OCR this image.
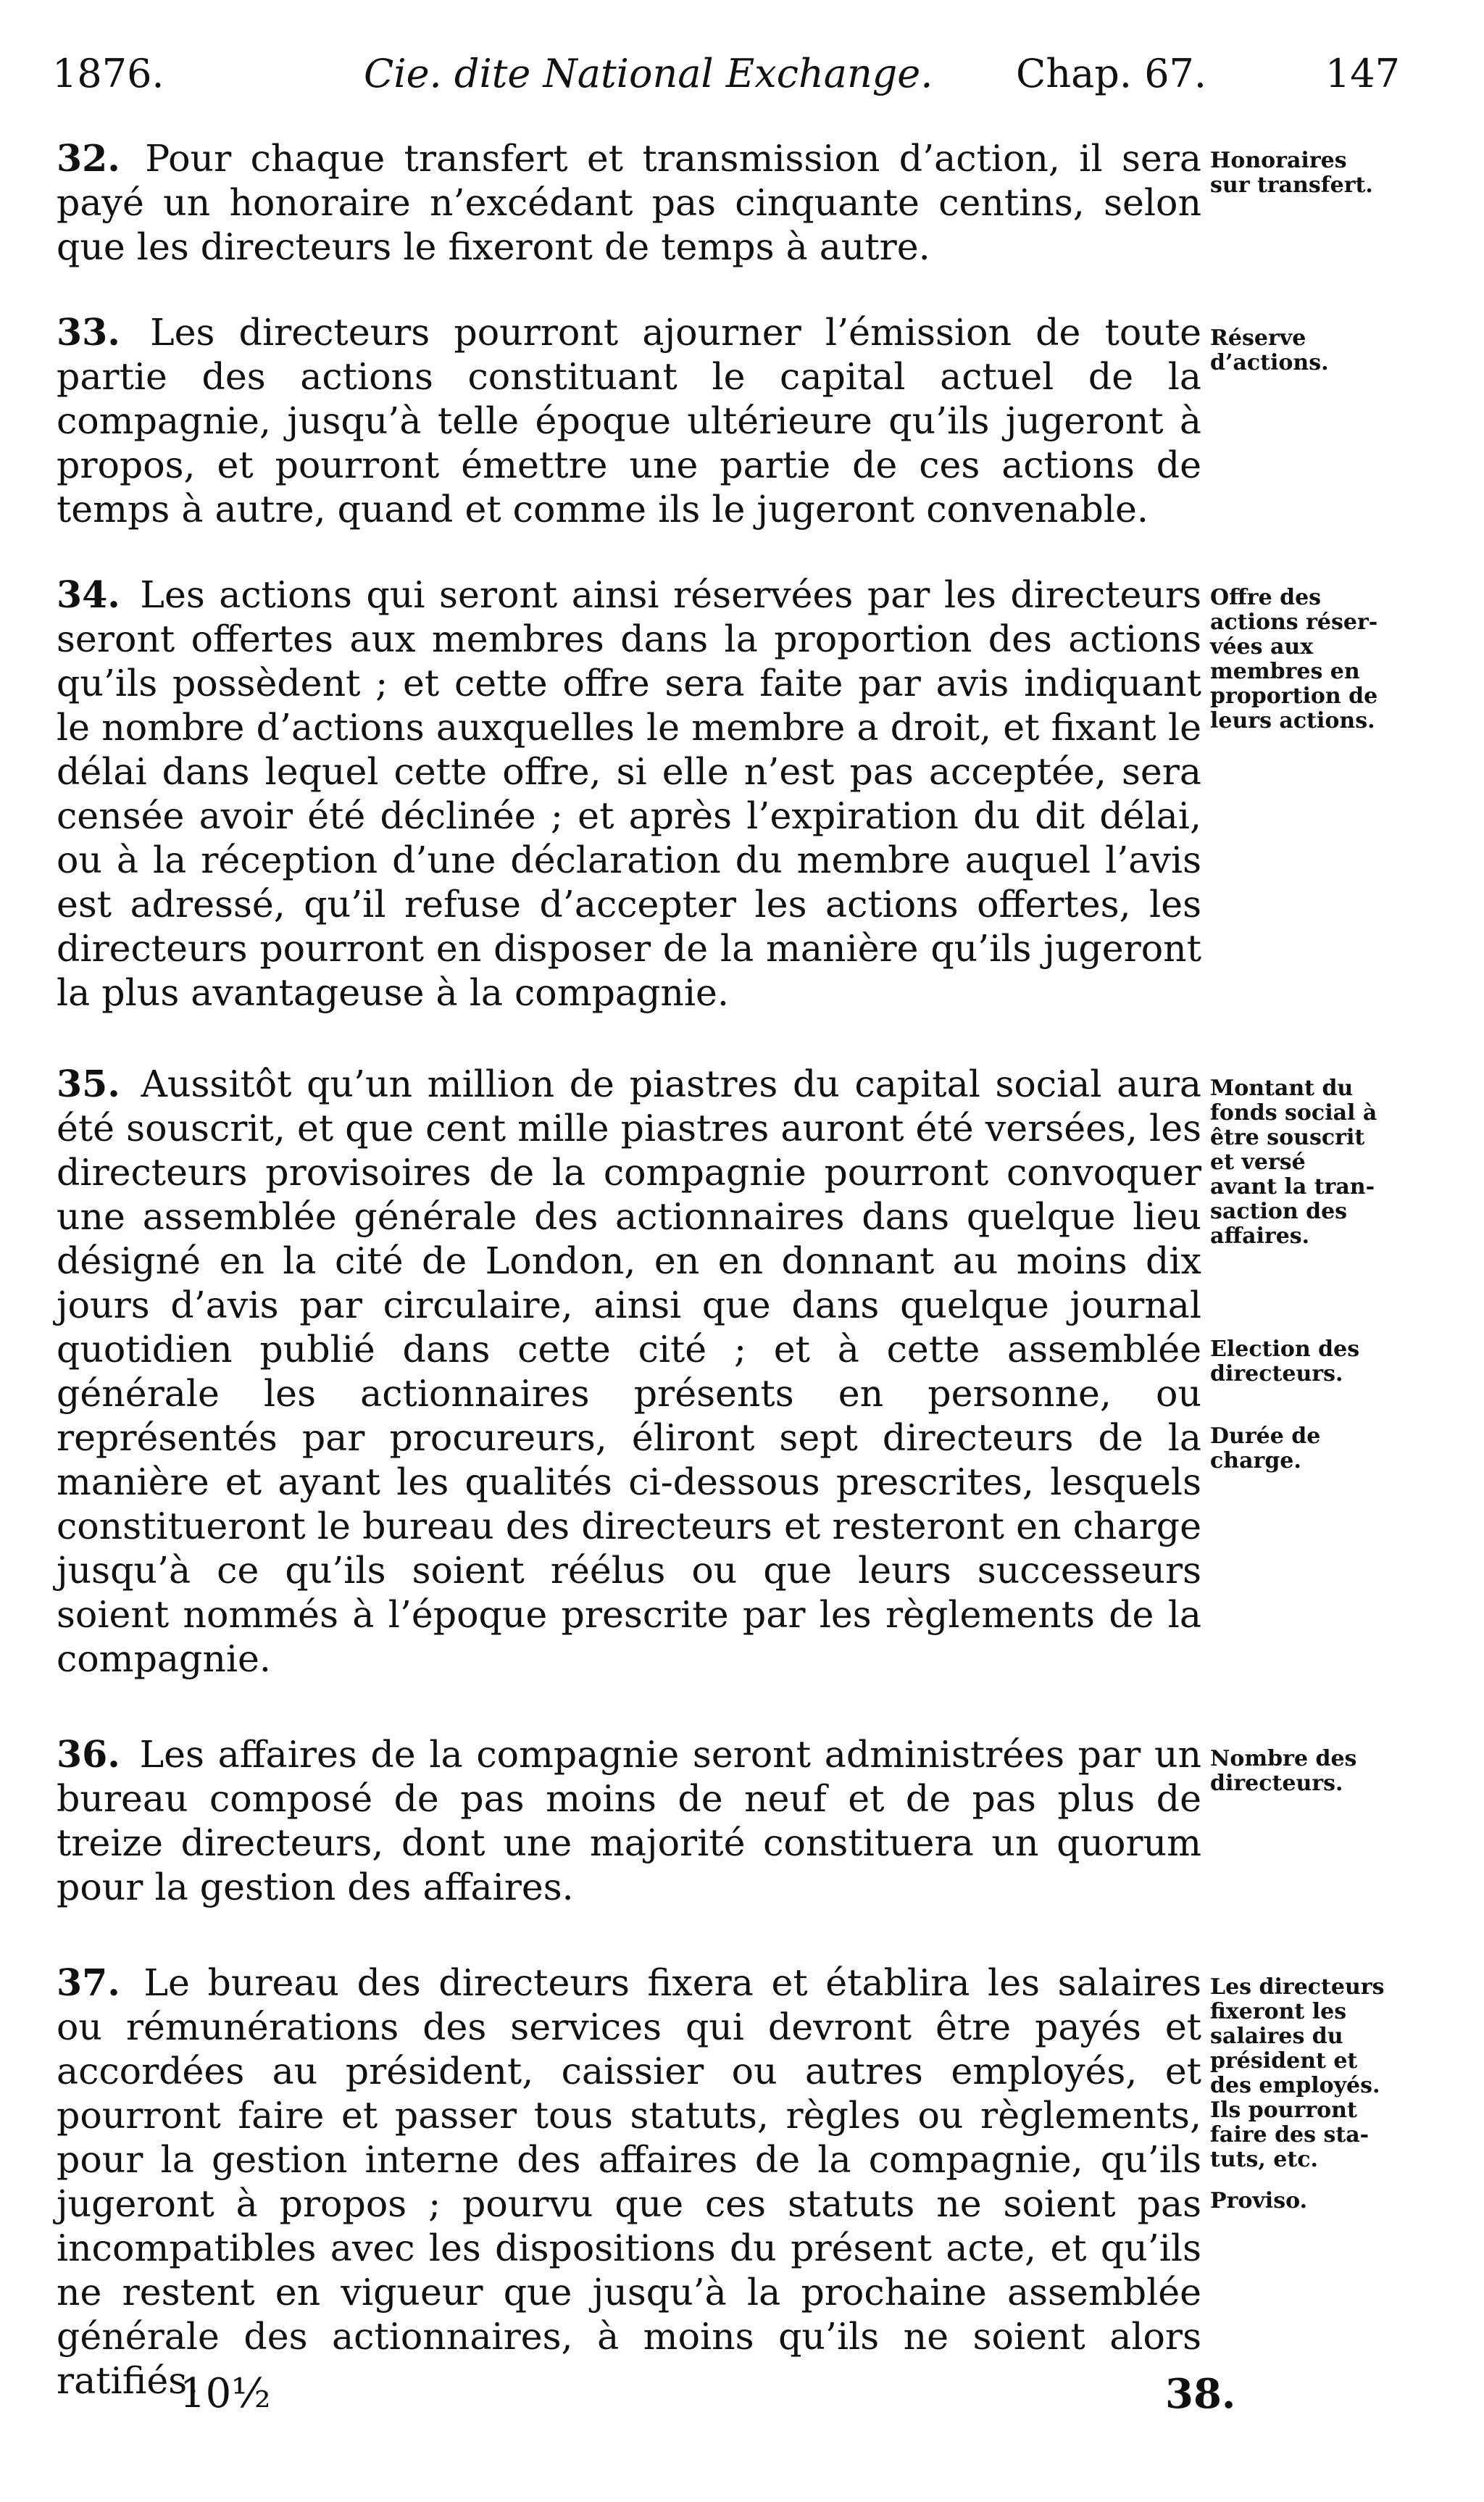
1876.	Cie. dite National Exchange. Chap. 67.	147
32. Pour chaque transfert et transmission d’action, il sera payé un honoraire n’excédant pas cinquante centins, selon que les directeurs le fixeront de temps à autre.
Honoraires
sur transfert.
33. Les directeurs pourront ajourner l’émission de toute partie des actions constituant le capital actuel de la compagnie, jusqu’à telle époque ultérieure qu’ils jugeront à propos, et pourront émettre une partie de ces actions de temps à autre, quand et comme ils le jugeront convenable.
Réserve
d’actions.
34. Les actions qui seront ainsi réservées par les directeurs seront offertes aux membres dans la proportion des actions qu’ils possèdent ; et cette offre sera faite par avis indiquant le nombre d’actions auxquelles le membre a droit, et fixant le délai dans lequel cette offre, si elle n’est pas acceptée, sera censée avoir été déclinée ; et après l’expiration du dit délai, ou à la réception d’une déclaration du membre auquel l’avis est adressé, qu’il refuse d’accepter les actions offertes, les directeurs pourront en disposer de la manière qu’ils jugeront la plus avantageuse à la compagnie.
Offre des
actions réser-
vées aux
membres en
proportion de
leurs actions.
35. Aussitôt qu’un million de piastres du capital social aura été souscrit, et que cent mille piastres auront été versées, les directeurs provisoires de la compagnie pourront convoquer une assemblée générale des actionnaires dans quelque lieu désigné en la cité de London, en en donnant au moins dix jours d’avis par circulaire, ainsi que dans quelque journal quotidien publié dans cette cité ; et à cette assemblée générale les actionnaires présents en personne, ou représentés par procureurs, éliront sept directeurs de la manière et ayant les qualités ci-dessous prescrites, lesquels constitueront le bureau des directeurs et resteront en charge jusqu’à ce qu’ils soient réélus ou que leurs successeurs soient nommés à l’époque prescrite par les règlements de la compagnie.
Montant du
fonds social à
être souscrit
et versé
avant la tran-
saction des
affaires.
Election des
directeurs.
Durée de
charge.
36. Les affaires de la compagnie seront administrées par un bureau composé de pas moins de neuf et de pas plus de treize directeurs, dont une majorité constituera un quorum pour la gestion des affaires.
Nombre des
directeurs.
37. Le bureau des directeurs fixera et établira les salaires ou rémunérations des services qui devront être payés et accordées au président, caissier ou autres employés, et pourront faire et passer tous statuts, règles ou règlements, pour la gestion interne des affaires de la compagnie, qu’ils jugeront à propos ; pourvu que ces statuts ne soient pas incompatibles avec les dispositions du présent acte, et qu’ils ne restent en vigueur que jusqu’à la prochaine assemblée générale des actionnaires, à moins qu’ils ne soient alors ratifiés.
Les directeurs
fixeront les
salaires du
président et
des employés.
Ils pourront
faire des sta-
tuts, etc.
Proviso.
10½	38.
